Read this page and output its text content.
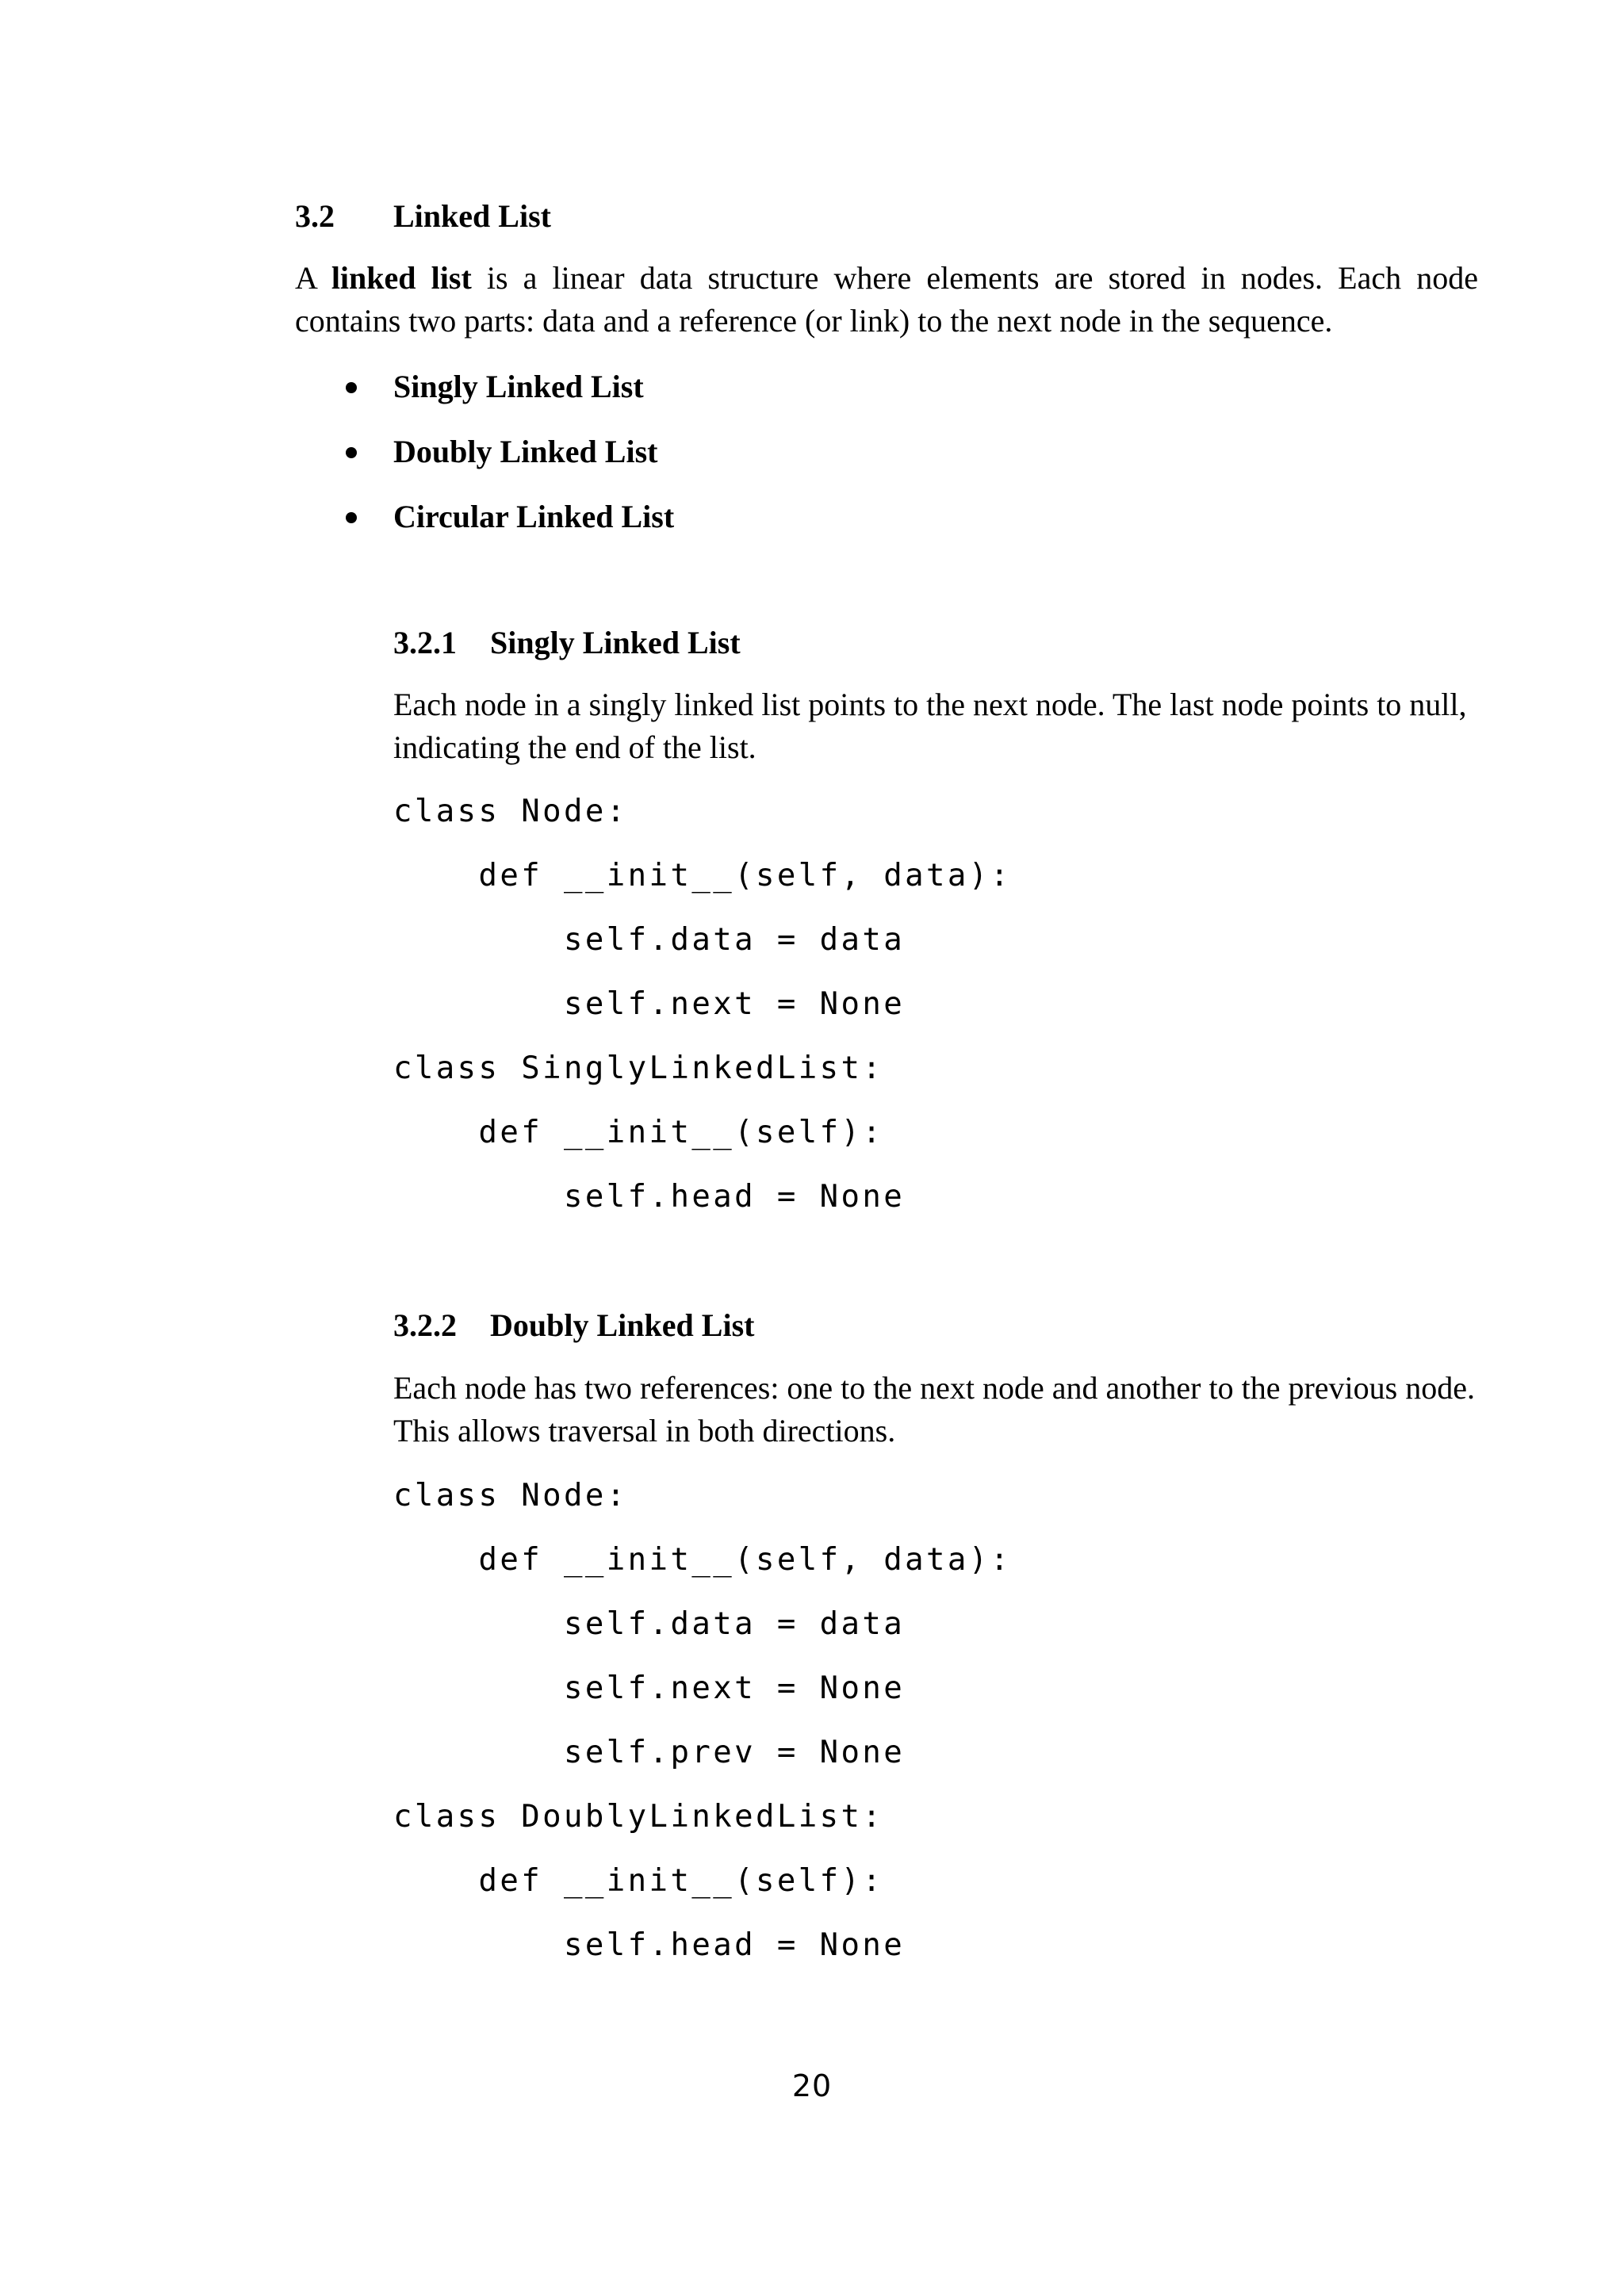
3.2 Linked List
A linked list is a linear data structure where elements are stored in nodes. Each node
contains two parts: data and a reference (or link) to the next node in the sequence.
Singly Linked List
Doubly Linked List
Circular Linked List
3.2.1 Singly Linked List
Each node in a singly linked list points to the next node. The last node points to null,
indicating the end of the list.

class Node:

def __init__(self, data):

self.data = data

self.next = None

class SinglyLinkedList:

def __init__(self):

self.head = None

3.2.2 Doubly Linked List
Each node has two references: one to the next node and another to the previous node.
This allows traversal in both directions.

class Node:

def __init__(self, data):

self.data = data

self.next = None

self.prev = None

class DoublyLinkedList:

def __init__(self):

self.head = None

20
